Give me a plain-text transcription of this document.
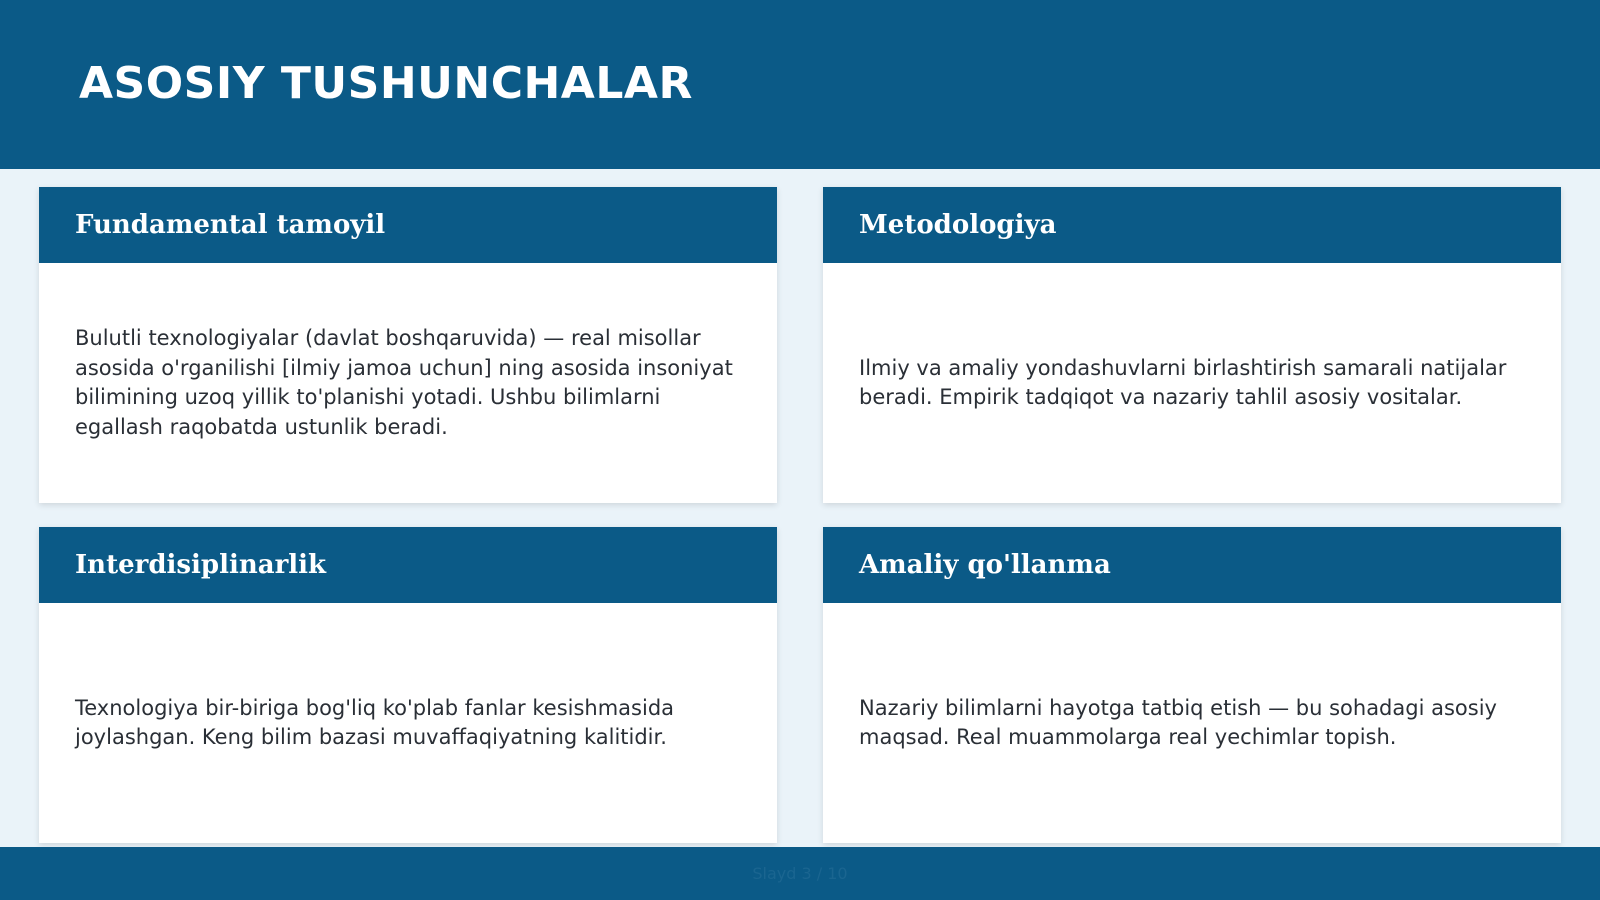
ASOSIY TUSHUNCHALAR
Fundamental tamoyil

Bulutli texnologiyalar (davlat boshqaruvida) — real misollar asosida o'rganilishi [ilmiy jamoa uchun] ning asosida insoniyat bilimining uzoq yillik to'planishi yotadi. Ushbu bilimlarni egallash raqobatda ustunlik beradi.

Metodologiya

Ilmiy va amaliy yondashuvlarni birlashtirish samarali natijalar beradi. Empirik tadqiqot va nazariy tahlil asosiy vositalar.

Interdisiplinarlik

Texnologiya bir-biriga bog'liq ko'plab fanlar kesishmasida joylashgan. Keng bilim bazasi muvaffaqiyatning kalitidir.

Amaliy qo'llanma

Nazariy bilimlarni hayotga tatbiq etish — bu sohadagi asosiy maqsad. Real muammolarga real yechimlar topish.

Slayd 3 / 10
